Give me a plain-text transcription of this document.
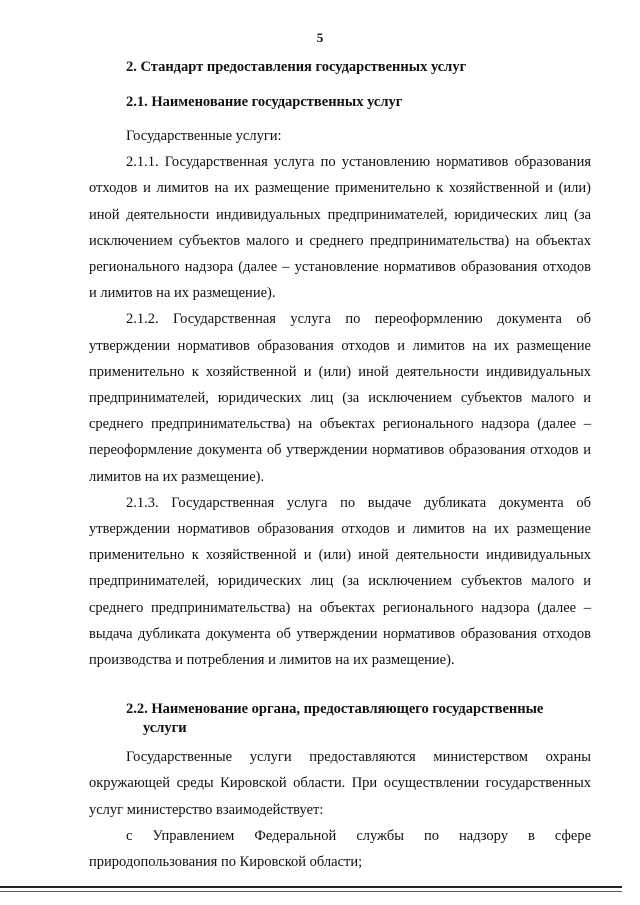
5
2. Стандарт предоставления государственных услуг
2.1. Наименование государственных услуг

Государственные услуги:

2.1.1. Государственная услуга по установлению нормативов образования отходов и лимитов на их размещение применительно к хозяйственной и (или) иной деятельности индивидуальных предпринимателей, юридических лиц (за исключением субъектов малого и среднего предпринимательства) на объектах регионального надзора (далее – установление нормативов образования отходов и лимитов на их размещение).

2.1.2. Государственная услуга по переоформлению документа об утверждении нормативов образования отходов и лимитов на их размещение применительно к хозяйственной и (или) иной деятельности индивидуальных предпринимателей, юридических лиц (за исключением субъектов малого и среднего предпринимательства) на объектах регионального надзора (далее – переоформление документа об утверждении нормативов образования отходов и лимитов на их размещение).

2.1.3. Государственная услуга по выдаче дубликата документа об утверждении нормативов образования отходов и лимитов на их размещение применительно к хозяйственной и (или) иной деятельности индивидуальных предпринимателей, юридических лиц (за исключением субъектов малого и среднего предпринимательства) на объектах регионального надзора (далее – выдача дубликата документа об утверждении нормативов образования отходов производства и потребления и лимитов на их размещение).

2.2. Наименование органа, предоставляющего государственные
услуги

Государственные услуги предоставляются министерством охраны окружающей среды Кировской области. При осуществлении государственных услуг министерство взаимодействует:

с Управлением Федеральной службы по надзору в сфере природопользования по Кировской области;
